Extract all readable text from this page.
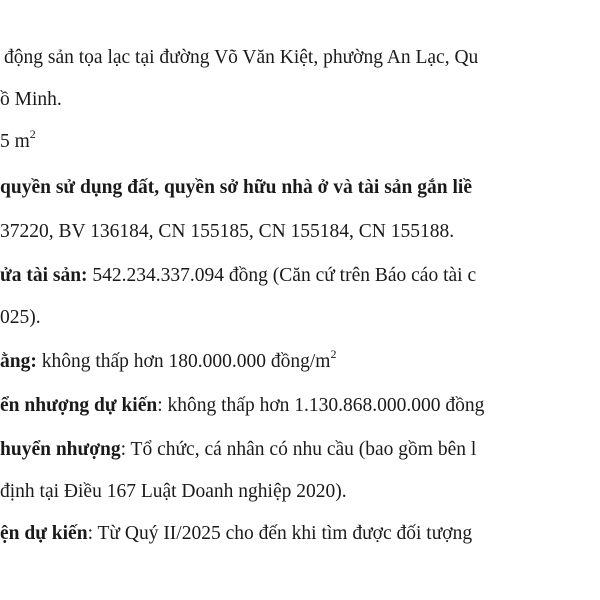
động sản tọa lạc tại đường Võ Văn Kiệt, phường An Lạc, Qu
ồ Minh.
5 $m^2$
quyền sử dụng đất, quyền sở hữu nhà ở và tài sản gắn liề
37220, BV 136184, CN 155185, CN 155184, CN 155188.
ửa tài sản: 542.234.337.094 đồng (Căn cứ trên Báo cáo tài c
025).
ằng: không thấp hơn 180.000.000 đồng/$m^2$
ển nhượng dự kiến: không thấp hơn 1.130.868.000.000 đồng
huyển nhượng: Tổ chức, cá nhân có nhu cầu (bao gồm bên l
định tại Điều 167 Luật Doanh nghiệp 2020).
ện dự kiến: Từ Quý II/2025 cho đến khi tìm được đối tượng
